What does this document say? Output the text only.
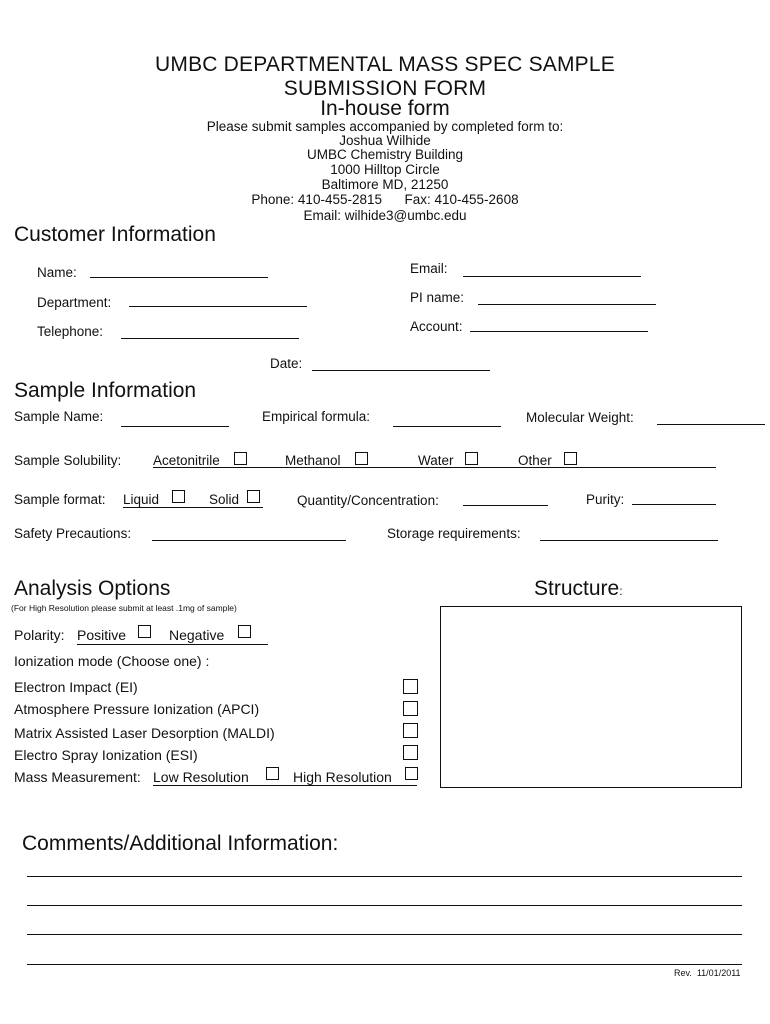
UMBC DEPARTMENTAL MASS SPEC SAMPLE
SUBMISSION FORM
In-house form
Please submit samples accompanied by completed form to:
Joshua Wilhide
UMBC Chemistry Building
1000 Hilltop Circle
Baltimore MD, 21250
Phone: 410-455-2815      Fax: 410-455-2608
Email: wilhide3@umbc.edu
Customer Information
Name:	Email:
Department:	PI name:
Telephone:	Account:
Date:
Sample Information
Sample Name:	Empirical formula:	Molecular Weight:
Sample Solubility: Acetonitrile	Methanol	Water	Other
Sample format: Liquid	Solid	Quantity/Concentration:	Purity:
Safety Precautions:	Storage requirements:
Analysis Options
(For High Resolution please submit at least .1mg of sample)
Structure:
Polarity: Positive	Negative
Ionization mode (Choose one) :
Electron Impact (EI)
Atmosphere Pressure Ionization (APCI)
Matrix Assisted Laser Desorption (MALDI)
Electro Spray Ionization (ESI)
Mass Measurement: Low Resolution	High Resolution
Comments/Additional Information:
Rev.  11/01/2011
